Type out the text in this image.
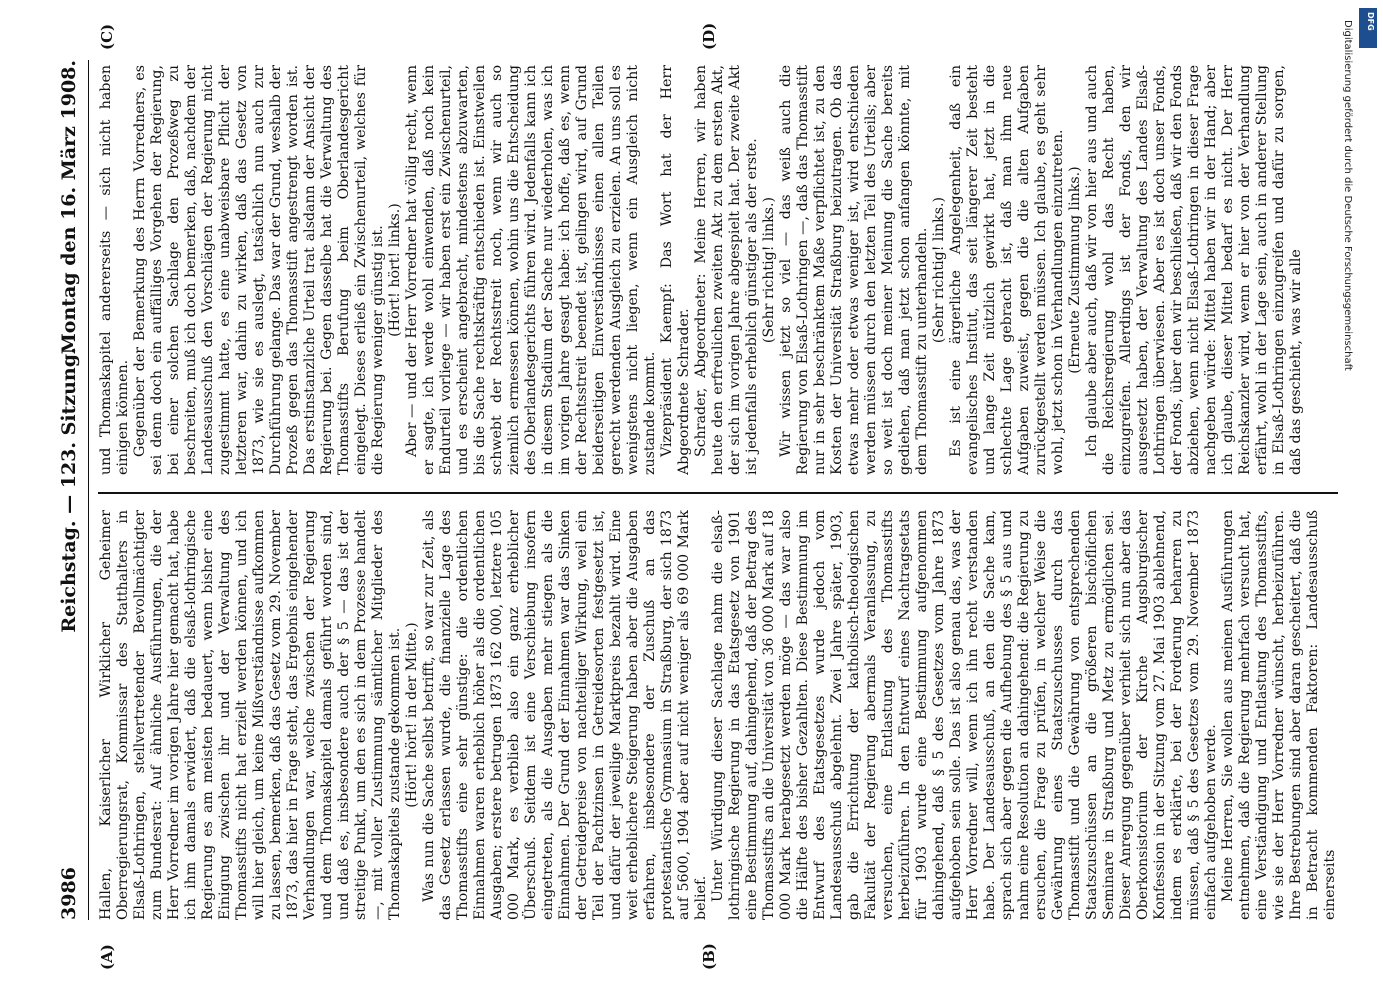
3986
Reichstag. — 123. Sitzung.
Montag den 16. März 1908.
(A)	(B)
(C)	(D)

Hallen, Kaiserlicher Wirklicher Geheimer Oberregierungsrat, Kommissar des Statthalters in Elsaß-Lothringen, stellvertretender Bevollmächtigter zum Bundesrat: Auf ähnliche Ausführungen, die der Herr Vorredner im vorigen Jahre hier gemacht hat, habe ich ihm damals erwidert, daß die elsaß-lothringische Regierung es am meisten bedauert, wenn bisher eine Einigung zwischen ihr und der Verwaltung des Thomasstifts nicht hat erzielt werden können, und ich will hier gleich, um keine Mißverständnisse aufkommen zu lassen, bemerken, daß das Gesetz vom 29. November 1873, das hier in Frage steht, das Ergebnis eingehender Verhandlungen war, welche zwischen der Regierung und dem Thomaskapitel damals geführt worden sind, und daß es, insbesondere auch der § 5 — das ist der streitige Punkt, um den es sich in dem Prozesse handelt —, mit voller Zustimmung sämtlicher Mitglieder des Thomaskapitels zustande gekommen ist. (Hört! hört! in der Mitte.) Was nun die Sache selbst betrifft, so war zur Zeit, als das Gesetz erlassen wurde, die finanzielle Lage des Thomasstifts eine sehr günstige: die ordentlichen Einnahmen waren erheblich höher als die ordentlichen Ausgaben; erstere betrugen 1873 162 000, letztere 105 000 Mark, es verblieb also ein ganz erheblicher Überschuß. Seitdem ist eine Verschiebung insofern eingetreten, als die Ausgaben mehr stiegen als die Einnahmen. Der Grund der Einnahmen war das Sinken der Getreidepreise von nachteiliger Wirkung, weil ein Teil der Pachtzinsen in Getreidesorten festgesetzt ist, und dafür der jeweilige Marktpreis bezahlt wird. Eine weit erheblichere Steigerung haben aber die Ausgaben erfahren, insbesondere der Zuschuß an das protestantische Gymnasium in Straßburg, der sich 1873 auf 5600, 1904 aber auf nicht weniger als 69 000 Mark belief. Unter Würdigung dieser Sachlage nahm die elsaß-lothringische Regierung in das Etatsgesetz von 1901 eine Bestimmung auf, dahingehend, daß der Betrag des Thomasstifts an die Universität von 36 000 Mark auf 18 000 Mark herabgesetzt werden möge — das war also die Hälfte des bisher Gezahlten. Diese Bestimmung im Entwurf des Etatsgesetzes wurde jedoch vom Landesausschuß abgelehnt. Zwei Jahre später, 1903, gab die Errichtung der katholisch-theologischen Fakultät der Regierung abermals Veranlassung, zu versuchen, eine Entlastung des Thomasstifts herbeizuführen. In den Entwurf eines Nachtragsetats für 1903 wurde eine Bestimmung aufgenommen dahingehend, daß § 5 des Gesetzes vom Jahre 1873 aufgehoben sein solle. Das ist also genau das, was der Herr Vorredner will, wenn ich ihn recht verstanden habe. Der Landesausschuß, an den die Sache kam, sprach sich aber gegen die Aufhebung des § 5 aus und nahm eine Resolution an dahingehend: die Regierung zu ersuchen, die Frage zu prüfen, in welcher Weise die Gewährung eines Staatszuschusses durch das Thomasstift und die Gewährung von entsprechenden Staatszuschüssen an die größeren bischöflichen Seminare in Straßburg und Metz zu ermöglichen sei. Dieser Anregung gegenüber verhielt sich nun aber das Oberkonsistorium der Kirche Augsburgischer Konfession in der Sitzung vom 27. Mai 1903 ablehnend, indem es erklärte, bei der Forderung beharren zu müssen, daß § 5 des Gesetzes vom 29. November 1873 einfach aufgehoben werde. Meine Herren, Sie wollen aus meinen Ausführungen entnehmen, daß die Regierung mehrfach versucht hat, eine Verständigung und Entlastung des Thomasstifts, wie sie der Herr Vorredner wünscht, herbeizuführen. Ihre Bestrebungen sind aber daran gescheitert, daß die in Betracht kommenden Faktoren: Landesausschuß einerseits

und Thomaskapitel andererseits — sich nicht haben einigen können. Gegenüber der Bemerkung des Herrn Vorredners, es sei denn doch ein auffälliges Vorgehen der Regierung, bei einer solchen Sachlage den Prozeßweg zu beschreiten, muß ich doch bemerken, daß, nachdem der Landesausschuß den Vorschlägen der Regierung nicht zugestimmt hatte, es eine unabweisbare Pflicht der letzteren war, dahin zu wirken, daß das Gesetz von 1873, wie sie es auslegt, tatsächlich nun auch zur Durchführung gelange. Das war der Grund, weshalb der Prozeß gegen das Thomasstift angestrengt worden ist. Das erstinstanzliche Urteil trat alsdann der Ansicht der Regierung bei. Gegen dasselbe hat die Verwaltung des Thomasstifts Berufung beim Oberlandesgericht eingelegt. Dieses erließ ein Zwischenurteil, welches für die Regierung weniger günstig ist. (Hört! hört! links.) Aber — und der Herr Vorredner hat völlig recht, wenn er sagte, ich werde wohl einwenden, daß noch kein Endurteil vorliege — wir haben erst ein Zwischenurteil, und es erscheint angebracht, mindestens abzuwarten, bis die Sache rechtskräftig entschieden ist. Einstweilen schwebt der Rechtsstreit noch, wenn wir auch so ziemlich ermessen können, wohin uns die Entscheidung des Oberlandesgerichts führen wird. Jedenfalls kann ich in diesem Stadium der Sache nur wiederholen, was ich im vorigen Jahre gesagt habe: ich hoffe, daß es, wenn der Rechtsstreit beendet ist, gelingen wird, auf Grund beiderseitigen Einverständnisses einen allen Teilen gerecht werdenden Ausgleich zu erzielen. An uns soll es wenigstens nicht liegen, wenn ein Ausgleich nicht zustande kommt. Vizepräsident Kaempf: Das Wort hat der Herr Abgeordnete Schrader. Schrader, Abgeordneter: Meine Herren, wir haben heute den erfreulichen zweiten Akt zu dem ersten Akt, der sich im vorigen Jahre abgespielt hat. Der zweite Akt ist jedenfalls erheblich günstiger als der erste. (Sehr richtig! links.) Wir wissen jetzt so viel — das weiß auch die Regierung von Elsaß-Lothringen —, daß das Thomasstift nur in sehr beschränktem Maße verpflichtet ist, zu den Kosten der Universität Straßburg beizutragen. Ob das etwas mehr oder etwas weniger ist, wird entschieden werden müssen durch den letzten Teil des Urteils; aber so weit ist doch meiner Meinung die Sache bereits gediehen, daß man jetzt schon anfangen könnte, mit dem Thomasstift zu unterhandeln. (Sehr richtig! links.) Es ist eine ärgerliche Angelegenheit, daß ein evangelisches Institut, das seit längerer Zeit besteht und lange Zeit nützlich gewirkt hat, jetzt in die schlechte Lage gebracht ist, daß man ihm neue Aufgaben zuweist, gegen die die alten Aufgaben zurückgestellt werden müssen. Ich glaube, es geht sehr wohl, jetzt schon in Verhandlungen einzutreten. (Erneute Zustimmung links.) Ich glaube aber auch, daß wir von hier aus und auch die Reichsregierung wohl das Recht haben, einzugreifen. Allerdings ist der Fonds, den wir ausgesetzt haben, der Verwaltung des Landes Elsaß-Lothringen überwiesen. Aber es ist doch unser Fonds, der Fonds, über den wir beschließen, daß wir den Fonds abziehen, wenn nicht Elsaß-Lothringen in dieser Frage nachgeben würde: Mittel haben wir in der Hand; aber ich glaube, dieser Mittel bedarf es nicht. Der Herr Reichskanzler wird, wenn er hier von der Verhandlung erfährt, wohl in der Lage sein, auch in anderer Stellung in Elsaß-Lothringen einzugreifen und dafür zu sorgen, daß das geschieht, was wir alle	Digitalisierung gefördert durch die Deutsche Forschungsgemeinschaft DFG
